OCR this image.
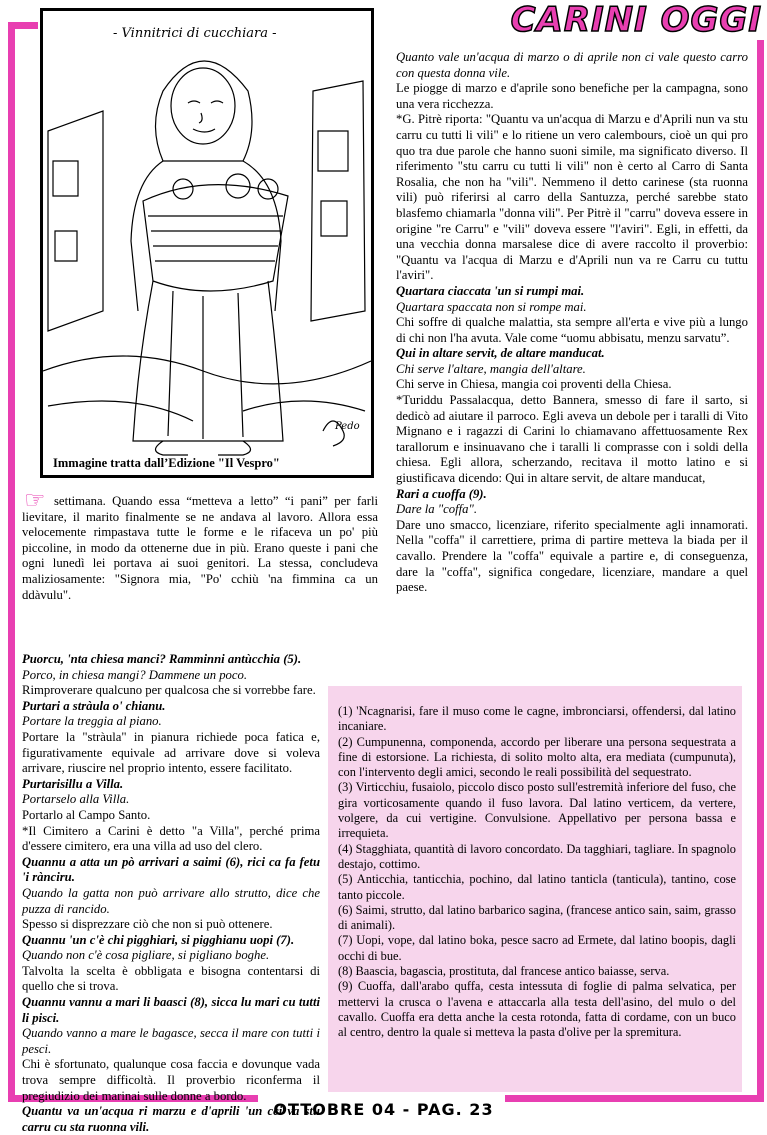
CARINI OGGI
- Vinnitrici di cucchiara -
Pedo
Immagine tratta dall’Edizione "Il Vespro"

Quanto vale un'acqua di marzo o di aprile non ci vale questo carro con questa donna vile.

Le piogge di marzo e d'aprile sono benefiche per la campagna, sono una vera ricchezza.

*G. Pitrè riporta: "Quantu va un'acqua di Marzu e d'Aprili nun va stu carru cu tutti li vili" e lo ritiene un vero calembours, cioè un qui pro quo tra due parole che hanno suoni simile, ma significato diverso. Il riferimento "stu carru cu tutti li vili" non è certo al Carro di Santa Rosalia, che non ha "vili". Nemmeno il detto carinese (sta ruonna vili) può riferirsi al carro della Santuzza, perché sarebbe stato blasfemo chiamarla "donna vili". Per Pitrè il "carru" doveva essere in origine "re Carru" e "vili" doveva essere "l'aviri". Egli, in effetti, da una vecchia donna marsalese dice di avere raccolto il proverbio: "Quantu va l'acqua di Marzu e d'Aprili nun va re Carru cu tuttu l'aviri".

Quartara ciaccata 'un si rumpi mai.

Quartara spaccata non si rompe mai.

Chi soffre di qualche malattia, sta sempre all'erta e vive più a lungo di chi non l'ha avuta. Vale come “uomu abbisatu, menzu sarvatu”.

Qui in altare servit, de altare manducat.

Chi serve l'altare, mangia dell'altare.

Chi serve in Chiesa, mangia coi proventi della Chiesa.

*Turiddu Passalacqua, detto Bannera, smesso di fare il sarto, si dedicò ad aiutare il parroco. Egli aveva un debole per i taralli di Vito Mignano e i ragazzi di Carini lo chiamavano affettuosamente Rex tarallorum e insinuavano che i taralli li comprasse con i soldi della chiesa. Egli allora, scherzando, recitava il motto latino e si giustificava dicendo: Qui in altare servit, de altare manducat,

Rari a cuoffa (9).

Dare la "coffa".

Dare uno smacco, licenziare, riferito specialmente agli innamorati. Nella "coffa" il carrettiere, prima di partire metteva la biada per il cavallo. Prendere la "coffa" equivale a partire e, di conseguenza, dare la "coffa", significa congedare, licenziare, mandare a quel paese.

☞ settimana. Quando essa “metteva a letto” “i pani” per farli lievitare, il marito finalmente se ne andava al lavoro. Allora essa velocemente rimpastava tutte le forme e le rifaceva un po' più piccoline, in modo da ottenerne due in più. Erano queste i pani che ogni lunedì lei portava ai suoi genitori. La stessa, concludeva maliziosamente: "Signora mia, "Po' cchiù 'na fimmina ca un ddàvulu".

Puorcu, 'nta chiesa manci? Ramminni antùcchia (5).

Porco, in chiesa mangi? Dammene un poco.

Rimproverare qualcuno per qualcosa che si vorrebbe fare.

Purtari a stràula o' chianu.

Portare la treggia al piano.

Portare la "stràula" in pianura richiede poca fatica e, figurativamente equivale ad arrivare dove si voleva arrivare, riuscire nel proprio intento, essere facilitato.

Purtarisillu a Villa.

Portarselo alla Villa.

Portarlo al Campo Santo.

*Il Cimitero a Carini è detto "a Villa", perché prima d'essere cimitero, era una villa ad uso del clero.

Quannu a atta un pò arrivari a saimi (6), rici ca fa fetu 'i rànciru.

Quando la gatta non può arrivare allo strutto, dice che puzza di rancido.

Spesso si disprezzare ciò che non si può ottenere.

Quannu 'un c'è chi pigghiari, si pigghianu uopi (7).

Quando non c'è cosa pigliare, si pigliano boghe.

Talvolta la scelta è obbligata e bisogna contentarsi di quello che si trova.

Quannu vannu a mari li baasci (8), sicca lu mari cu tutti li pisci.

Quando vanno a mare le bagasce, secca il mare con tutti i pesci.

Chi è sfortunato, qualunque cosa faccia e dovunque vada trova sempre difficoltà. Il proverbio riconferma il pregiudizio dei marinai sulle donne a bordo.

Quantu va un'acqua ri marzu e d'aprili 'un cci va stu carru cu sta ruonna vili.

(1) 'Ncagnarisi, fare il muso come le cagne, imbronciarsi, offendersi, dal latino incaniare.

(2) Cumpunenna, componenda, accordo per liberare una persona sequestrata a fine di estorsione. La richiesta, di solito molto alta, era mediata (cumpunuta), con l'intervento degli amici, secondo le reali possibilità del sequestrato.

(3) Virticchiu, fusaiolo, piccolo disco posto sull'estremità inferiore del fuso, che gira vorticosamente quando il fuso lavora. Dal latino verticem, da vertere, volgere, da cui vertigine. Convulsione. Appellativo per persona bassa e irrequieta.

(4) Stagghiata, quantità di lavoro concordato. Da tagghiari, tagliare. In spagnolo destajo, cottimo.

(5) Anticchia, tanticchia, pochino, dal latino tanticla (tanticula), tantino, cose tanto piccole.

(6) Saimi, strutto, dal latino barbarico sagina, (francese antico sain, saim, grasso di animali).

(7) Uopi, vope, dal latino boka, pesce sacro ad Ermete, dal latino boopis, dagli occhi di bue.

(8) Baascia, bagascia, prostituta, dal francese antico baiasse, serva.

(9) Cuoffa, dall'arabo quffa, cesta intessuta di foglie di palma selvatica, per mettervi la crusca o l'avena e attaccarla alla testa dell'asino, del mulo o del cavallo. Cuoffa era detta anche la cesta rotonda, fatta di cordame, con un buco al centro, dentro la quale si metteva la pasta d'olive per la spremitura.

OTTOBRE 04 - PAG. 23
